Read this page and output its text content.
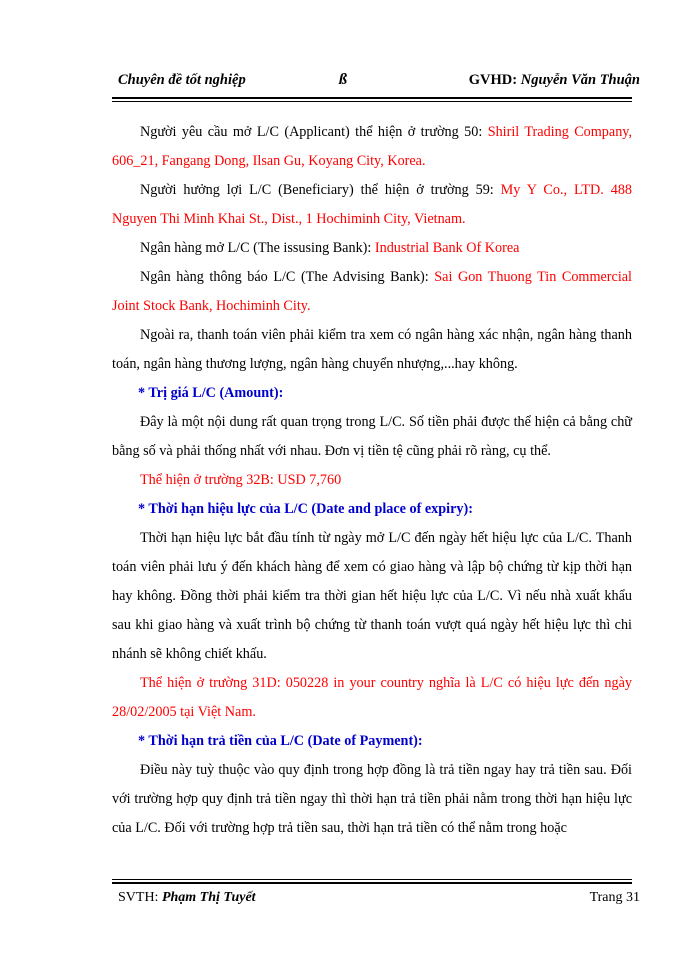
Chuyên đề tốt nghiệp	ß	GVHD: Nguyễn Văn Thuận

Người yêu cầu mở L/C (Applicant) thể hiện ở trường 50: Shiril Trading Company, 606_21, Fangang Dong, Ilsan Gu, Koyang City, Korea.

Người hưởng lợi L/C (Beneficiary) thể hiện ở trường 59: My Y Co., LTD. 488 Nguyen Thi Minh Khai St., Dist., 1 Hochiminh City, Vietnam.

Ngân hàng mở L/C (The issusing Bank): Industrial Bank Of Korea

Ngân hàng thông báo L/C (The Advising Bank): Sai Gon Thuong Tin Commercial Joint Stock Bank, Hochiminh City.

Ngoài ra, thanh toán viên phải kiểm tra xem có ngân hàng xác nhận, ngân hàng thanh toán, ngân hàng thương lượng, ngân hàng chuyển nhượng,...hay không.

* Trị giá L/C (Amount):

Đây là một nội dung rất quan trọng trong L/C. Số tiền phải được thể hiện cả bằng chữ bằng số và phải thống nhất với nhau. Đơn vị tiền tệ cũng phải rõ ràng, cụ thể.

Thể hiện ở trường 32B: USD 7,760

* Thời hạn hiệu lực của L/C (Date and place of expiry):

Thời hạn hiệu lực bắt đầu tính từ ngày mở L/C đến ngày hết hiệu lực của L/C. Thanh toán viên phải lưu ý đến khách hàng để xem có giao hàng và lập bộ chứng từ kịp thời hạn hay không. Đồng thời phải kiểm tra thời gian hết hiệu lực của L/C. Vì nếu nhà xuất khẩu sau khi giao hàng và xuất trình bộ chứng từ thanh toán vượt quá ngày hết hiệu lực thì chi nhánh sẽ không chiết khấu.

Thể hiện ở trường 31D: 050228 in your country nghĩa là L/C có hiệu lực đến ngày 28/02/2005 tại Việt Nam.

* Thời hạn trả tiền của L/C (Date of Payment):

Điều này tuỳ thuộc vào quy định trong hợp đồng là trả tiền ngay hay trả tiền sau. Đối với trường hợp quy định trả tiền ngay thì thời hạn trả tiền phải nằm trong thời hạn hiệu lực của L/C. Đối với trường hợp trả tiền sau, thời hạn trả tiền có thể nằm trong hoặc

SVTH: Phạm Thị Tuyết	Trang 31
